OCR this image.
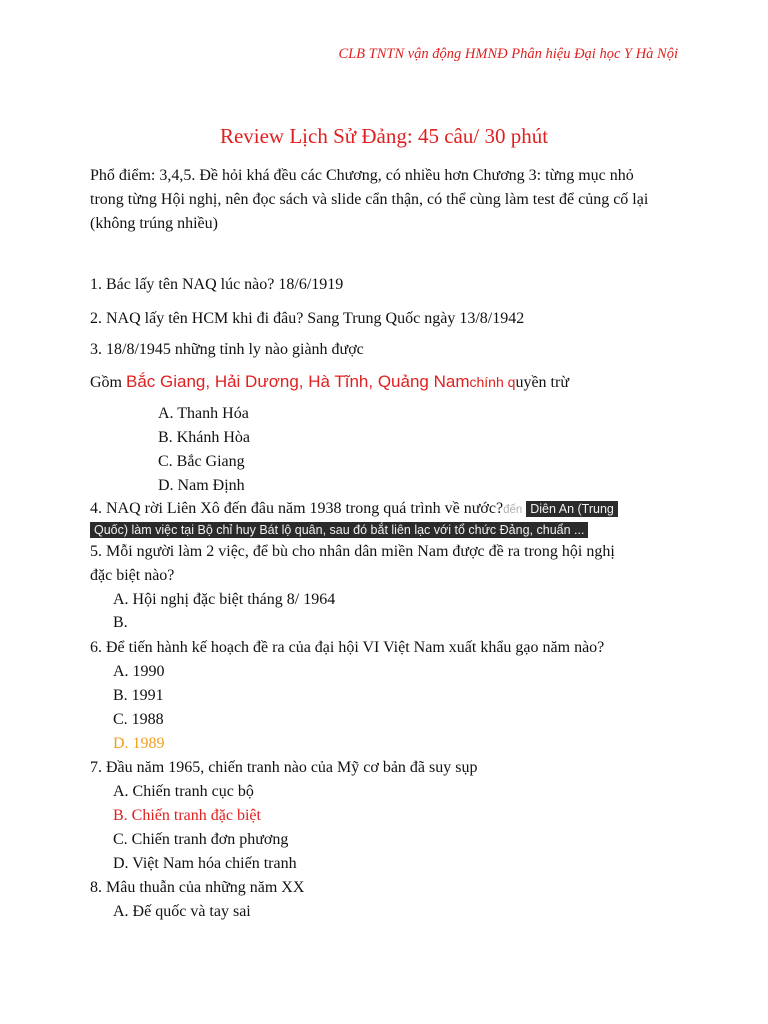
CLB TNTN vận động HMNĐ Phân hiệu Đại học Y Hà Nội
Review Lịch Sử Đảng: 45 câu/ 30 phút
Phổ điểm: 3,4,5. Đề hỏi khá đều các Chương, có nhiều hơn Chương 3: từng mục nhỏ trong từng Hội nghị, nên đọc sách và slide cẩn thận, có thể cùng làm test để củng cố lại (không trúng nhiều)
1. Bác lấy tên NAQ lúc nào? 18/6/1919
2. NAQ lấy tên HCM khi đi đâu? Sang Trung Quốc ngày 13/8/1942
3. 18/8/1945 những tỉnh ly nào giành được
Gồm Bắc Giang, Hải Dương, Hà Tĩnh, Quảng Namchính quyền trừ
A. Thanh Hóa
B. Khánh Hòa
C. Bắc Giang
D. Nam Định
4. NAQ rời Liên Xô đến đâu năm 1938 trong quá trình về nước?đến Diên An (Trung
Quốc) làm việc tại Bộ chỉ huy Bát lộ quân, sau đó bắt liên lạc với tổ chức Đảng, chuẩn ...
5. Mỗi người làm 2 việc, để bù cho nhân dân miền Nam được đề ra trong hội nghị
đặc biệt nào?
A. Hội nghị đặc biệt tháng 8/ 1964
B.
6. Để tiến hành kế hoạch đề ra của đại hội VI Việt Nam xuất khẩu gạo năm nào?
A. 1990
B. 1991
C. 1988
D. 1989
7. Đầu năm 1965, chiến tranh nào của Mỹ cơ bản đã suy sụp
A. Chiến tranh cục bộ
B. Chiến tranh đặc biệt
C. Chiến tranh đơn phương
D. Việt Nam hóa chiến tranh
8. Mâu thuẫn của những năm XX
A. Đế quốc và tay sai
